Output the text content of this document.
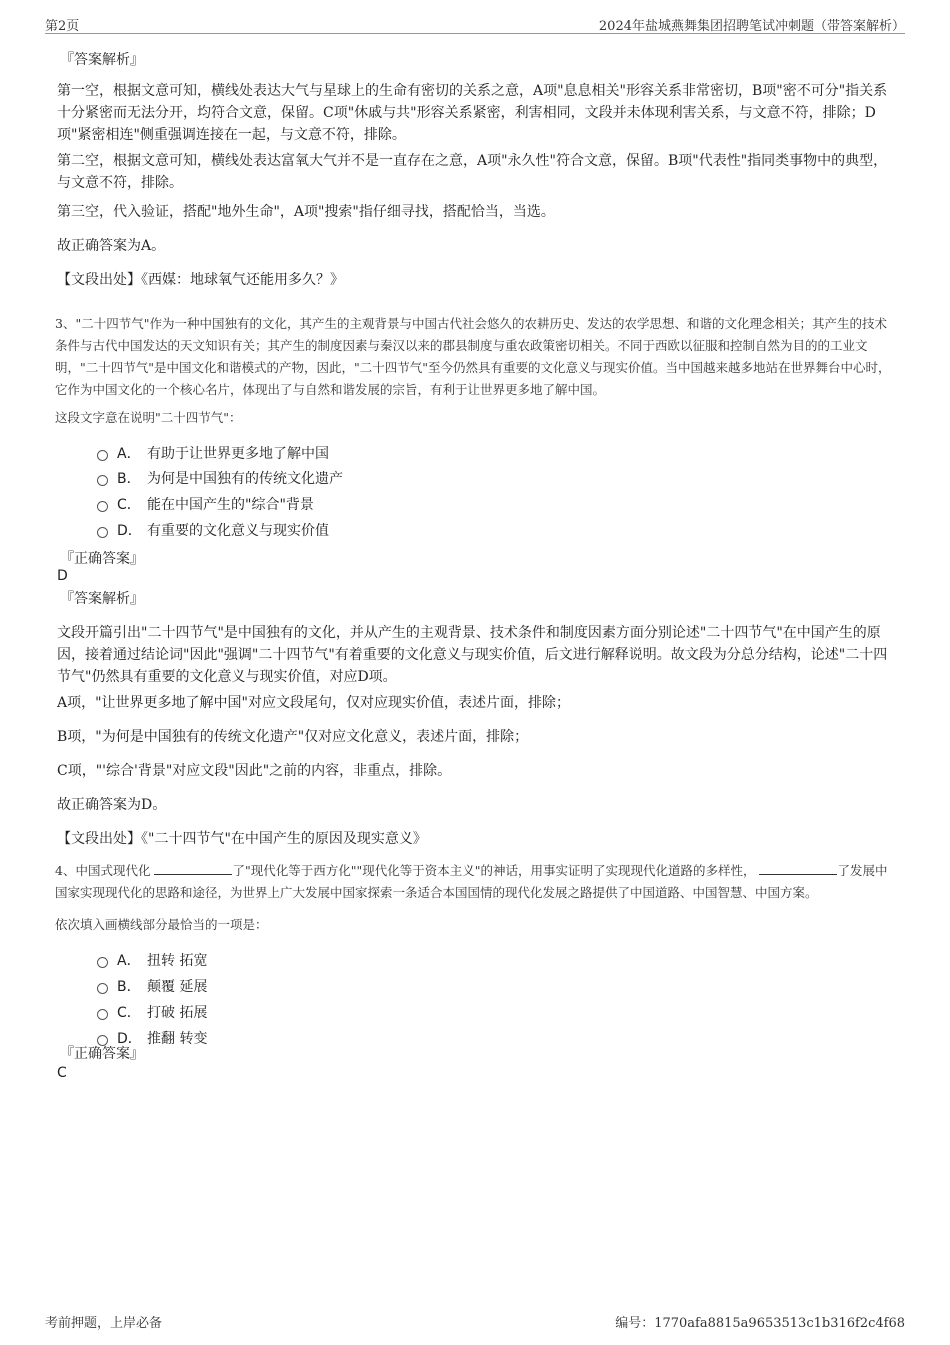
第2页	2024年盐城燕舞集团招聘笔试冲刺题（带答案解析）
『答案解析』

第一空，根据文意可知，横线处表达大气与星球上的生命有密切的关系之意，A项"息息相关"形容关系非常密切，B项"密不可分"指关系十分紧密而无法分开，均符合文意，保留。C项"休戚与共"形容关系紧密，利害相同，文段并未体现利害关系，与文意不符，排除；D项"紧密相连"侧重强调连接在一起，与文意不符，排除。

第二空，根据文意可知，横线处表达富氧大气并不是一直存在之意，A项"永久性"符合文意，保留。B项"代表性"指同类事物中的典型，与文意不符，排除。

第三空，代入验证，搭配"地外生命"，A项"搜索"指仔细寻找，搭配恰当，当选。

故正确答案为A。

【文段出处】《西媒：地球氧气还能用多久？》

3、"二十四节气"作为一种中国独有的文化，其产生的主观背景与中国古代社会悠久的农耕历史、发达的农学思想、和谐的文化理念相关；其产生的技术条件与古代中国发达的天文知识有关；其产生的制度因素与秦汉以来的郡县制度与重农政策密切相关。不同于西欧以征服和控制自然为目的的工业文明，"二十四节气"是中国文化和谐模式的产物，因此，"二十四节气"至今仍然具有重要的文化意义与现实价值。当中国越来越多地站在世界舞台中心时，它作为中国文化的一个核心名片，体现出了与自然和谐发展的宗旨，有利于让世界更多地了解中国。

这段文字意在说明"二十四节气"：

A． 有助于让世界更多地了解中国
B． 为何是中国独有的传统文化遗产
C． 能在中国产生的"综合"背景
D． 有重要的文化意义与现实价值
『正确答案』
D
『答案解析』

文段开篇引出"二十四节气"是中国独有的文化，并从产生的主观背景、技术条件和制度因素方面分别论述"二十四节气"在中国产生的原因，接着通过结论词"因此"强调"二十四节气"有着重要的文化意义与现实价值，后文进行解释说明。故文段为分总分结构，论述"二十四节气"仍然具有重要的文化意义与现实价值，对应D项。

A项，"让世界更多地了解中国"对应文段尾句，仅对应现实价值，表述片面，排除；

B项，"为何是中国独有的传统文化遗产"仅对应文化意义，表述片面，排除；

C项，"'综合'背景"对应文段"因此"之前的内容，非重点，排除。

故正确答案为D。

【文段出处】《"二十四节气"在中国产生的原因及现实意义》

4、中国式现代化	了"现代化等于西方化""现代化等于资本主义"的神话，用事实证明了实现现代化道路的多样性，	了发展中国家实现现代化的思路和途径，为世界上广大发展中国家探索一条适合本国国情的现代化发展之路提供了中国道路、中国智慧、中国方案。

依次填入画横线部分最恰当的一项是：

A． 扭转 拓宽
B． 颠覆 延展
C． 打破 拓展
D． 推翻 转变
『正确答案』
C
考前押题，上岸必备	编号：1770afa8815a9653513c1b316f2c4f68
